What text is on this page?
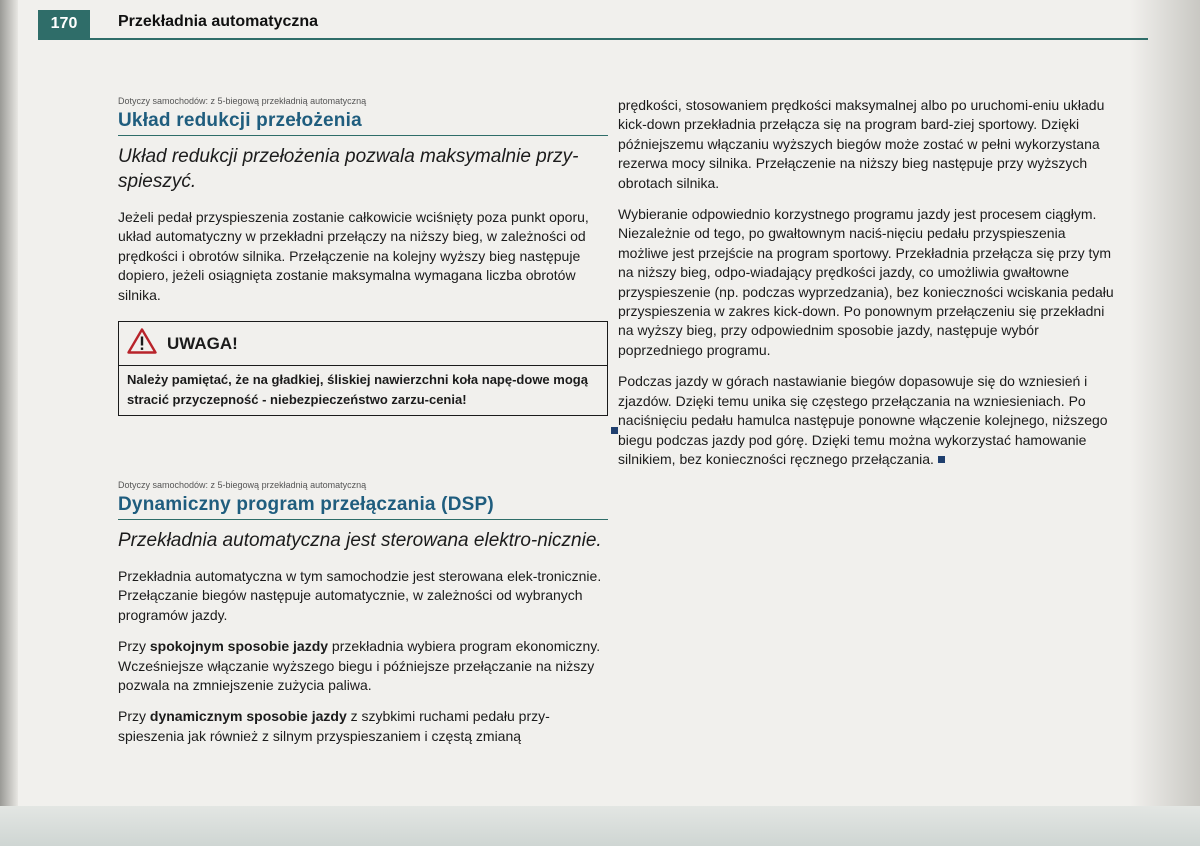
170	Przekładnia automatyczna
Dotyczy samochodów: z 5-biegową przekładnią automatyczną
Układ redukcji przełożenia
Układ redukcji przełożenia pozwala maksymalnie przy-spieszyć.

Jeżeli pedał przyspieszenia zostanie całkowicie wciśnięty poza punkt oporu, układ automatyczny w przekładni przełączy na niższy bieg, w zależności od prędkości i obrotów silnika. Przełączenie na kolejny wyższy bieg następuje dopiero, jeżeli osiągnięta zostanie maksymalna wymagana liczba obrotów silnika.

UWAGA!
Należy pamiętać, że na gładkiej, śliskiej nawierzchni koła napę-dowe mogą stracić przyczepność - niebezpieczeństwo zarzu-cenia!
Dotyczy samochodów: z 5-biegową przekładnią automatyczną
Dynamiczny program przełączania (DSP)
Przekładnia automatyczna jest sterowana elektro-nicznie.

Przekładnia automatyczna w tym samochodzie jest sterowana elek-tronicznie. Przełączanie biegów następuje automatycznie, w zależności od wybranych programów jazdy.

Przy spokojnym sposobie jazdy przekładnia wybiera program ekonomiczny. Wcześniejsze włączanie wyższego biegu i późniejsze przełączanie na niższy pozwala na zmniejszenie zużycia paliwa.

Przy dynamicznym sposobie jazdy z szybkimi ruchami pedału przy-spieszenia jak również z silnym przyspieszaniem i częstą zmianą

prędkości, stosowaniem prędkości maksymalnej albo po uruchomi-eniu układu kick-down przekładnia przełącza się na program bard-ziej sportowy. Dzięki późniejszemu włączaniu wyższych biegów może zostać w pełni wykorzystana rezerwa mocy silnika. Przełączenie na niższy bieg następuje przy wyższych obrotach silnika.

Wybieranie odpowiednio korzystnego programu jazdy jest procesem ciągłym. Niezależnie od tego, po gwałtownym naciś-nięciu pedału przyspieszenia możliwe jest przejście na program sportowy. Przekładnia przełącza się przy tym na niższy bieg, odpo-wiadający prędkości jazdy, co umożliwia gwałtowne przyspieszenie (np. podczas wyprzedzania), bez konieczności wciskania pedału przyspieszenia w zakres kick-down. Po ponownym przełączeniu się przekładni na wyższy bieg, przy odpowiednim sposobie jazdy, następuje wybór poprzedniego programu.

Podczas jazdy w górach nastawianie biegów dopasowuje się do wzniesień i zjazdów. Dzięki temu unika się częstego przełączania na wzniesieniach. Po naciśnięciu pedału hamulca następuje ponowne włączenie kolejnego, niższego biegu podczas jazdy pod górę. Dzięki temu można wykorzystać hamowanie silnikiem, bez konieczności ręcznego przełączania.
